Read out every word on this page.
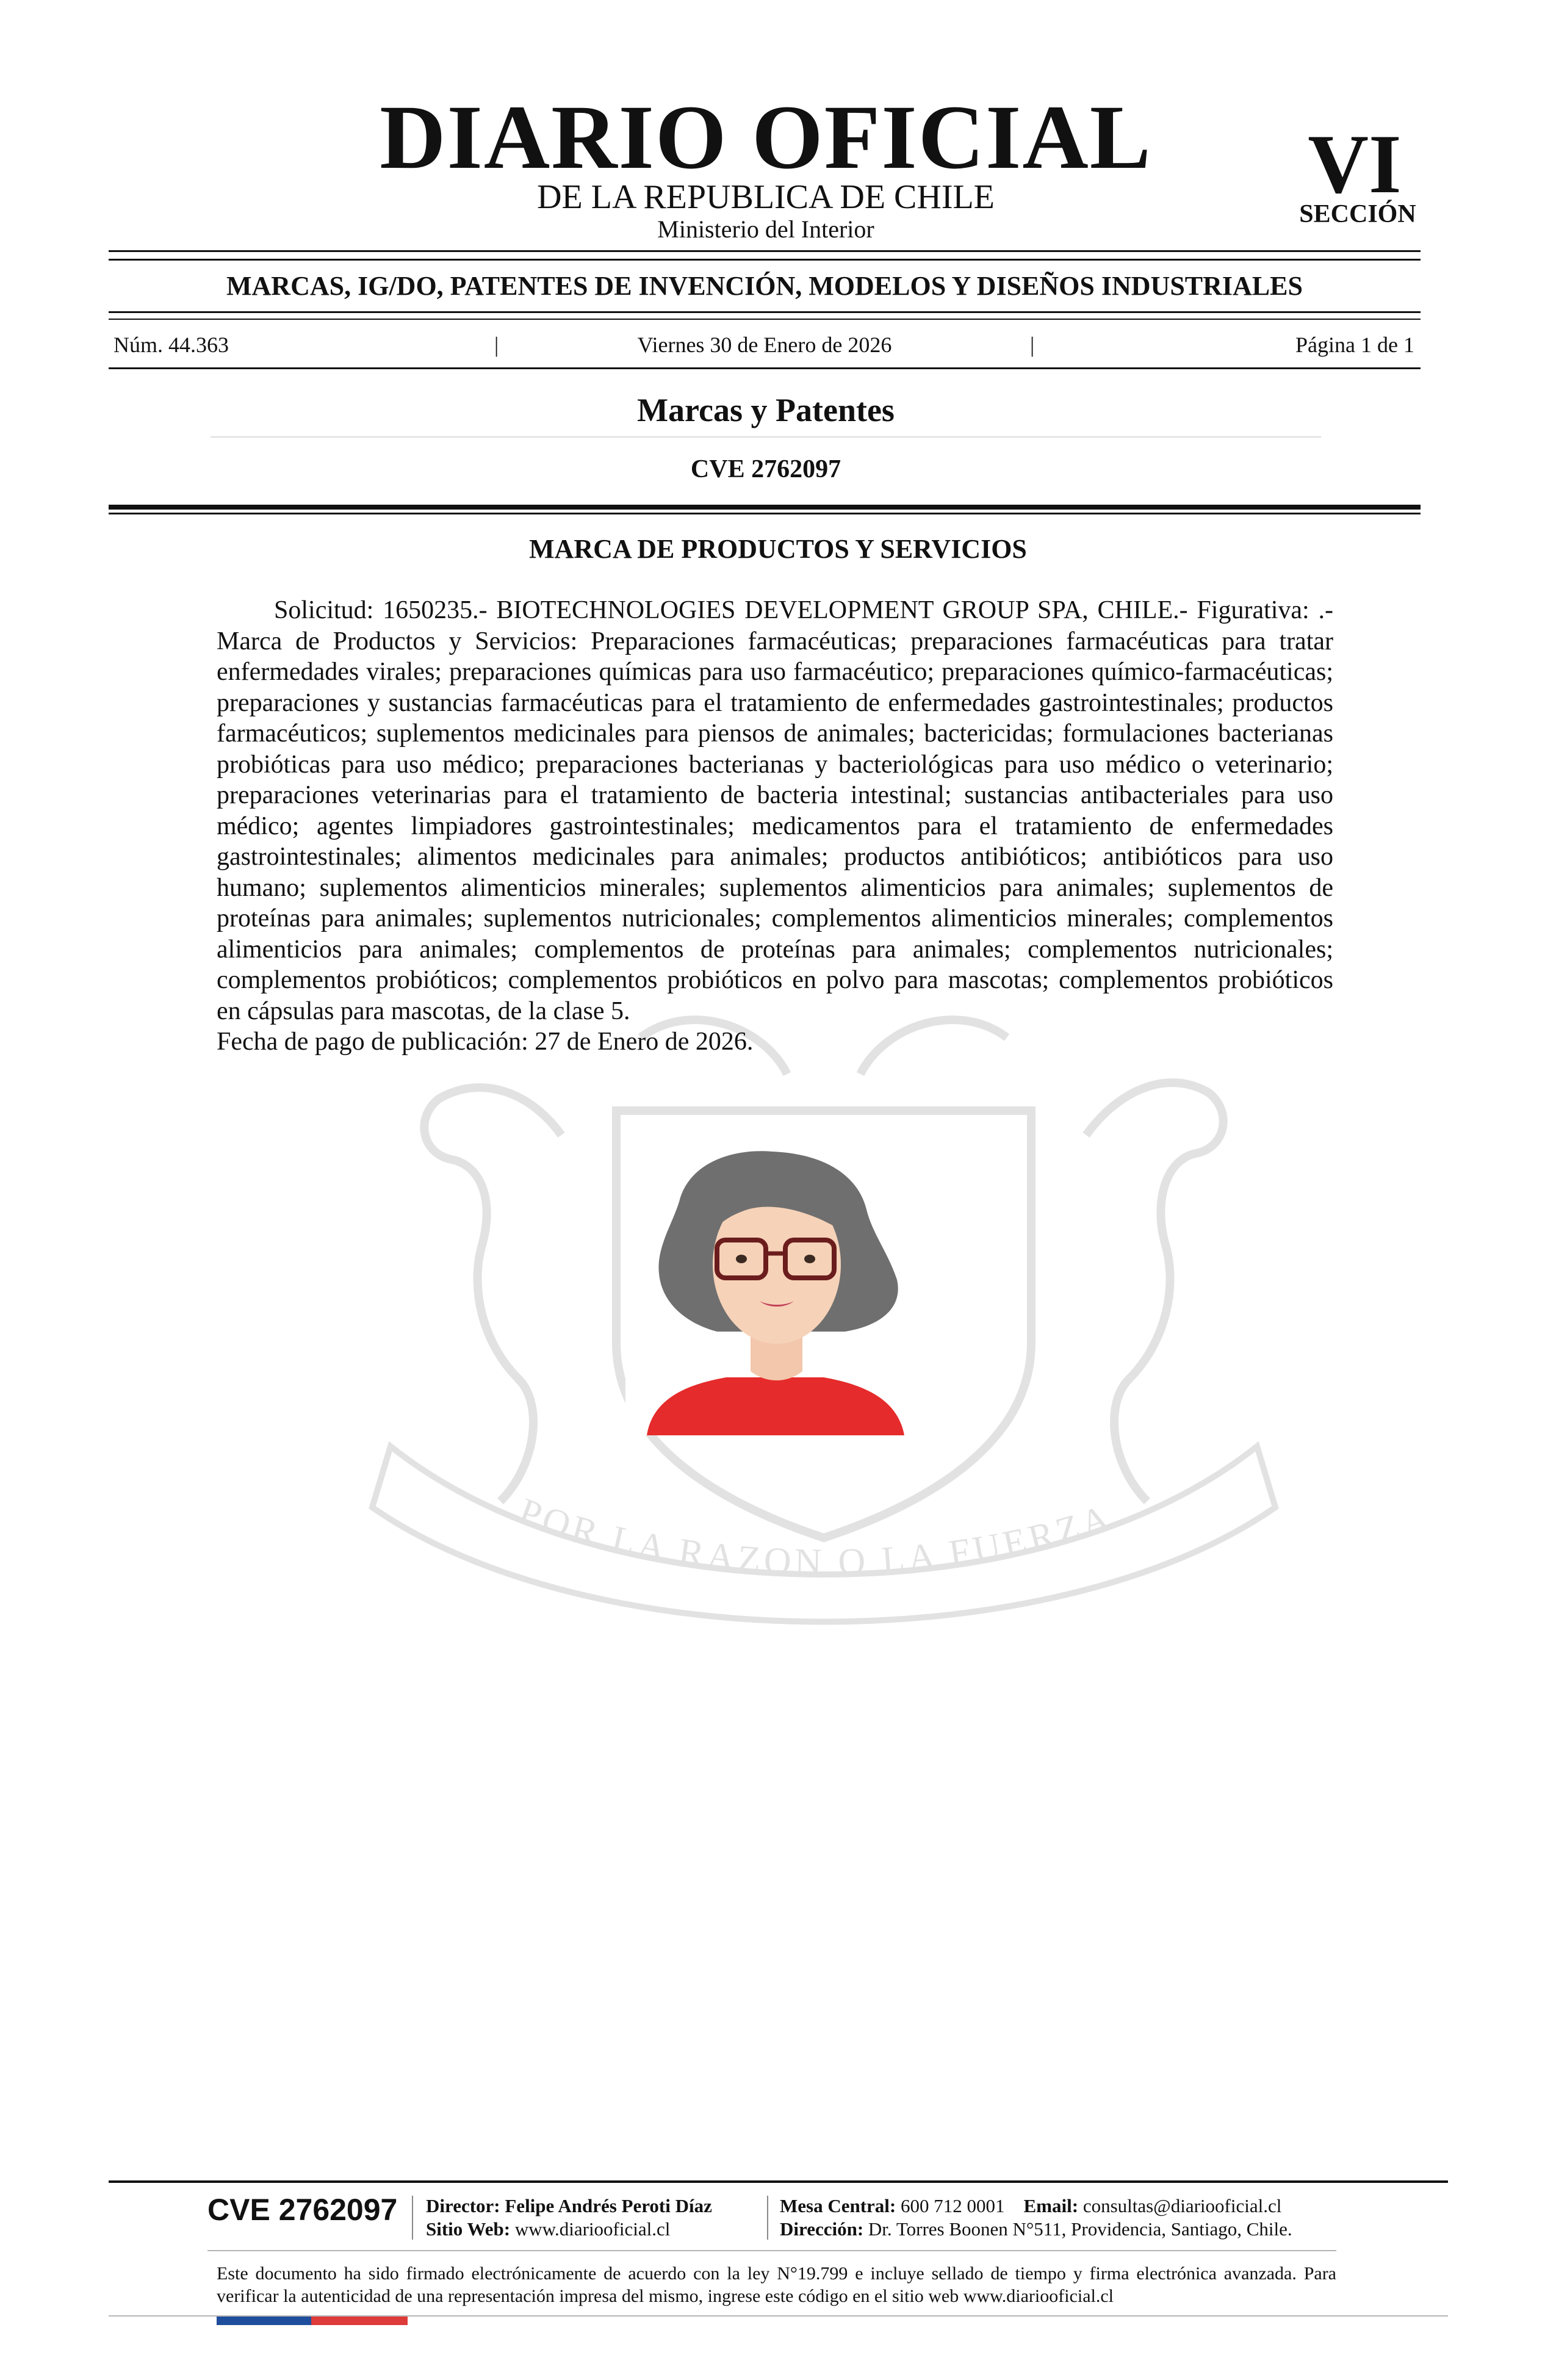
POR LA RAZON O LA FUERZA
DIARIO OFICIAL
DE LA REPUBLICA DE CHILE
Ministerio del Interior
VI
SECCIÓN
MARCAS, IG/DO, PATENTES DE INVENCIÓN, MODELOS Y DISEÑOS INDUSTRIALES
Núm. 44.363	|	Viernes 30 de Enero de 2026	|	Página 1 de 1
Marcas y Patentes
CVE 2762097
MARCA DE PRODUCTOS Y SERVICIOS

Solicitud: 1650235.- BIOTECHNOLOGIES DEVELOPMENT GROUP SPA, CHILE.- Figurativa: .- Marca de Productos y Servicios: Preparaciones farmacéuticas; preparaciones farmacéuticas para tratar enfermedades virales; preparaciones químicas para uso farmacéutico; preparaciones químico-farmacéuticas; preparaciones y sustancias farmacéuticas para el tratamiento de enfermedades gastrointestinales; productos farmacéuticos; suplementos medicinales para piensos de animales; bactericidas; formulaciones bacterianas probióticas para uso médico; preparaciones bacterianas y bacteriológicas para uso médico o veterinario; preparaciones veterinarias para el tratamiento de bacteria intestinal; sustancias antibacteriales para uso médico; agentes limpiadores gastrointestinales; medicamentos para el tratamiento de enfermedades gastrointestinales; alimentos medicinales para animales; productos antibióticos; antibióticos para uso humano; suplementos alimenticios minerales; suplementos alimenticios para animales; suplementos de proteínas para animales; suplementos nutricionales; complementos alimenticios minerales; complementos alimenticios para animales; complementos de proteínas para animales; complementos nutricionales; complementos probióticos; complementos probióticos en polvo para mascotas; complementos probióticos en cápsulas para mascotas, de la clase 5.

Fecha de pago de publicación: 27 de Enero de 2026.

CVE 2762097	Director: Felipe Andrés Peroti Díaz
Sitio Web: www.diariooficial.cl
Mesa Central: 600 712 0001 Email: consultas@diariooficial.cl
Dirección: Dr. Torres Boonen N°511, Providencia, Santiago, Chile.
Este documento ha sido firmado electrónicamente de acuerdo con la ley N°19.799 e incluye sellado de tiempo y firma electrónica avanzada. Para verificar la autenticidad de una representación impresa del mismo, ingrese este código en el sitio web www.diariooficial.cl
